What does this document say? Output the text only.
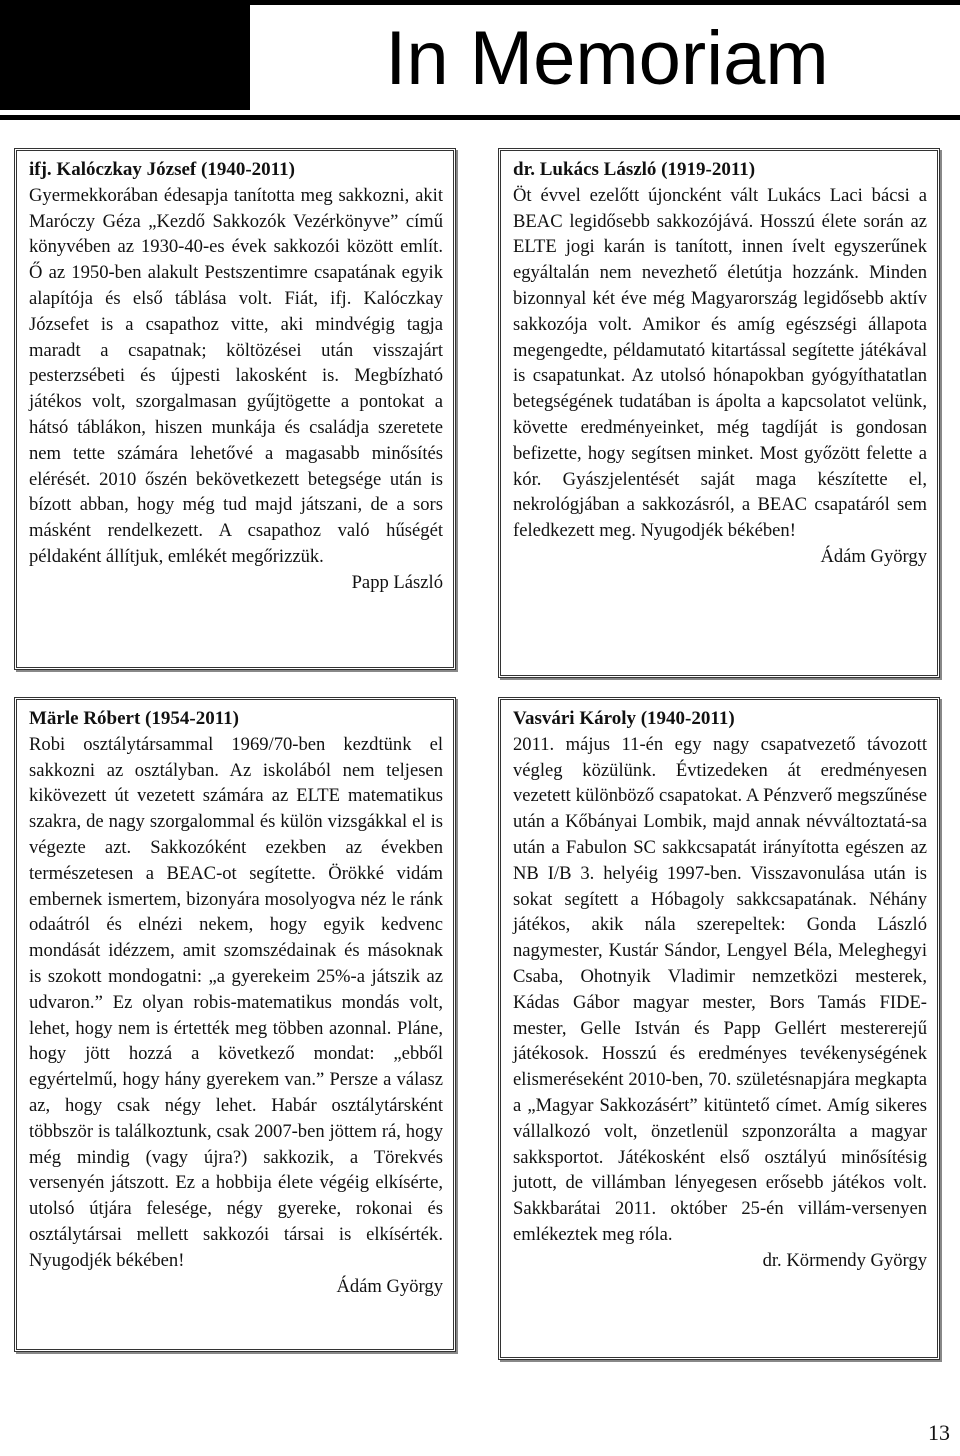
In Memoriam

ifj. Kalóczkay József (1940-2011)

Gyermekkorában édesapja tanította meg sakkozni, akit Maróczy Géza „Kezdő Sakkozók Vezérkönyve” című könyvében az 1930-40-es évek sakkozói között említ. Ő az 1950-ben alakult Pestszentimre csapatának egyik alapítója és első táblása volt. Fiát, ifj. Kalóczkay Józsefet is a csapathoz vitte, aki mindvégig tagja maradt a csapatnak; költözései után visszajárt pesterzsébeti és újpesti lakosként is. Megbízható játékos volt, szorgalmasan gyűjtögette a pontokat a hátsó táblákon, hiszen munkája és családja szeretete nem tette számára lehetővé a magasabb minősítés elérését. 2010 őszén bekövetkezett betegsége után is bízott abban, hogy még tud majd játszani, de a sors másként rendelkezett. A csapathoz való hűségét példaként állítjuk, emlékét megőrizzük.

Papp László

dr. Lukács László (1919-2011)

Öt évvel ezelőtt újoncként vált Lukács Laci bácsi a BEAC legidősebb sakkozójává. Hosszú élete során az ELTE jogi karán is tanított, innen ívelt egyszerűnek egyáltalán nem nevezhető életútja hozzánk. Minden bizonnyal két éve még Magyarország legidősebb aktív sakkozója volt. Amikor és amíg egészségi állapota megengedte, példamutató kitartással segítette játékával is csapatunkat. Az utolsó hónapokban gyógyíthatatlan betegségének tudatában is ápolta a kapcsolatot velünk, követte eredményeinket, még tagdíját is gondosan befizette, hogy segítsen minket. Most győzött felette a kór. Gyászjelentését saját maga készítette el, nekrológjában a sakkozásról, a BEAC csapatáról sem feledkezett meg. Nyugodjék békében!

Ádám György

Märle Róbert (1954-2011)

Robi osztálytársammal 1969/70-ben kezdtünk el sakkozni az osztályban. Az iskolából nem teljesen kikövezett út vezetett számára az ELTE matematikus szakra, de nagy szorgalommal és külön vizsgákkal el is végezte azt. Sakkozóként ezekben az években természetesen a BEAC-ot segítette. Örökké vidám embernek ismertem, bizonyára mosolyogva néz le ránk odaátról és elnézi nekem, hogy egyik kedvenc mondását idézzem, amit szomszédainak és másoknak is szokott mondogatni: „a gyerekeim 25%-a játszik az udvaron.” Ez olyan robis-matematikus mondás volt, lehet, hogy nem is értették meg többen azonnal. Pláne, hogy jött hozzá a következő mondat: „ebből egyértelmű, hogy hány gyerekem van.” Persze a válasz az, hogy csak négy lehet. Habár osztálytársként többször is találkoztunk, csak 2007-ben jöttem rá, hogy még mindig (vagy újra?) sakkozik, a Törekvés versenyén játszott. Ez a hobbija élete végéig elkísérte, utolsó útjára felesége, négy gyereke, rokonai és osztálytársai mellett sakkozói társai is elkísérték. Nyugodjék békében!

Ádám György

Vasvári Károly (1940-2011)

2011. május 11-én egy nagy csapatvezető távozott végleg közülünk. Évtizedeken át eredményesen vezetett különböző csapatokat. A Pénzverő megszűnése után a Kőbányai Lombik, majd annak névváltoztatá-sa után a Fabulon SC sakkcsapatát irányította egészen az NB I/B 3. helyéig 1997-ben. Visszavonulása után is sokat segített a Hóbagoly sakkcsapatának. Néhány játékos, akik nála szerepeltek: Gonda László nagymester, Kustár Sándor, Lengyel Béla, Meleghegyi Csaba, Ohotnyik Vladimir nemzetközi mesterek, Kádas Gábor magyar mester, Bors Tamás FIDE-mester, Gelle István és Papp Gellért mestererejű játékosok. Hosszú és eredményes tevékenységének elismeréseként 2010-ben, 70. születésnapjára megkapta a „Magyar Sakkozásért” kitüntető címet. Amíg sikeres vállalkozó volt, önzetlenül szponzorálta a magyar sakksportot. Játékosként első osztályú minősítésig jutott, de villámban lényegesen erősebb játékos volt. Sakkbarátai 2011. október 25-én villám-versenyen emlékeztek meg róla.

dr. Körmendy György

13
